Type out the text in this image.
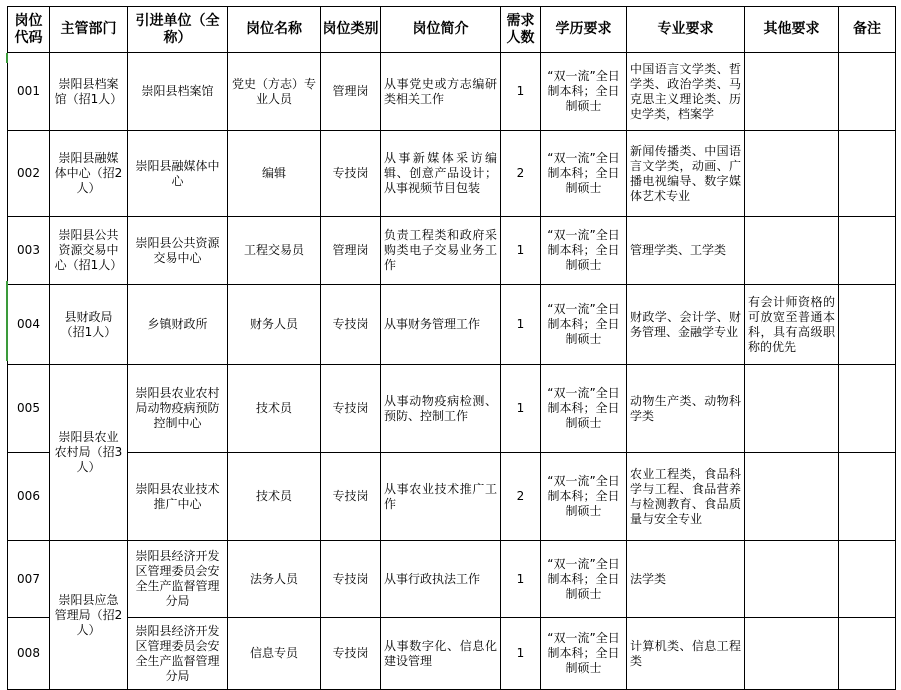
岗位代码	主管部门	引进单位（全称）	岗位名称	岗位类别	岗位简介	需求人数	学历要求	专业要求	其他要求	备注
001	崇阳县档案馆（招1人）	崇阳县档案馆	党史（方志）专业人员	管理岗	从事党史或方志编研类相关工作	1	“双一流”全日制本科；全日制硕士	中国语言文学类、哲学类、政治学类、马克思主义理论类、历史学类，档案学		
002	崇阳县融媒体中心（招2人）	崇阳县融媒体中心	编辑	专技岗	从事新媒体采访编辑、创意产品设计；从事视频节目包装	2	“双一流”全日制本科；全日制硕士	新闻传播类、中国语言文学类，动画、广播电视编导、数字媒体艺术专业		
003	崇阳县公共资源交易中心（招1人）	崇阳县公共资源交易中心	工程交易员	管理岗	负责工程类和政府采购类电子交易业务工作	1	“双一流”全日制本科；全日制硕士	管理学类、工学类		
004	县财政局（招1人）	乡镇财政所	财务人员	专技岗	从事财务管理工作	1	“双一流”全日制本科；全日制硕士	财政学、会计学、财务管理、金融学专业	有会计师资格的可放宽至普通本科，具有高级职称的优先	
005	崇阳县农业农村局（招3人）	崇阳县农业农村局动物疫病预防控制中心	技术员	专技岗	从事动物疫病检测、预防、控制工作	1	“双一流”全日制本科；全日制硕士	动物生产类、动物科学类		
006		崇阳县农业技术推广中心	技术员	专技岗	从事农业技术推广工作	2	“双一流”全日制本科；全日制硕士	农业工程类，食品科学与工程、食品营养与检测教育、食品质量与安全专业		
007	崇阳县应急管理局（招2人）	崇阳县经济开发区管理委员会安全生产监督管理分局	法务人员	专技岗	从事行政执法工作	1	“双一流”全日制本科；全日制硕士	法学类		
008		崇阳县经济开发区管理委员会安全生产监督管理分局	信息专员	专技岗	从事数字化、信息化建设管理	1	“双一流”全日制本科；全日制硕士	计算机类、信息工程类		
